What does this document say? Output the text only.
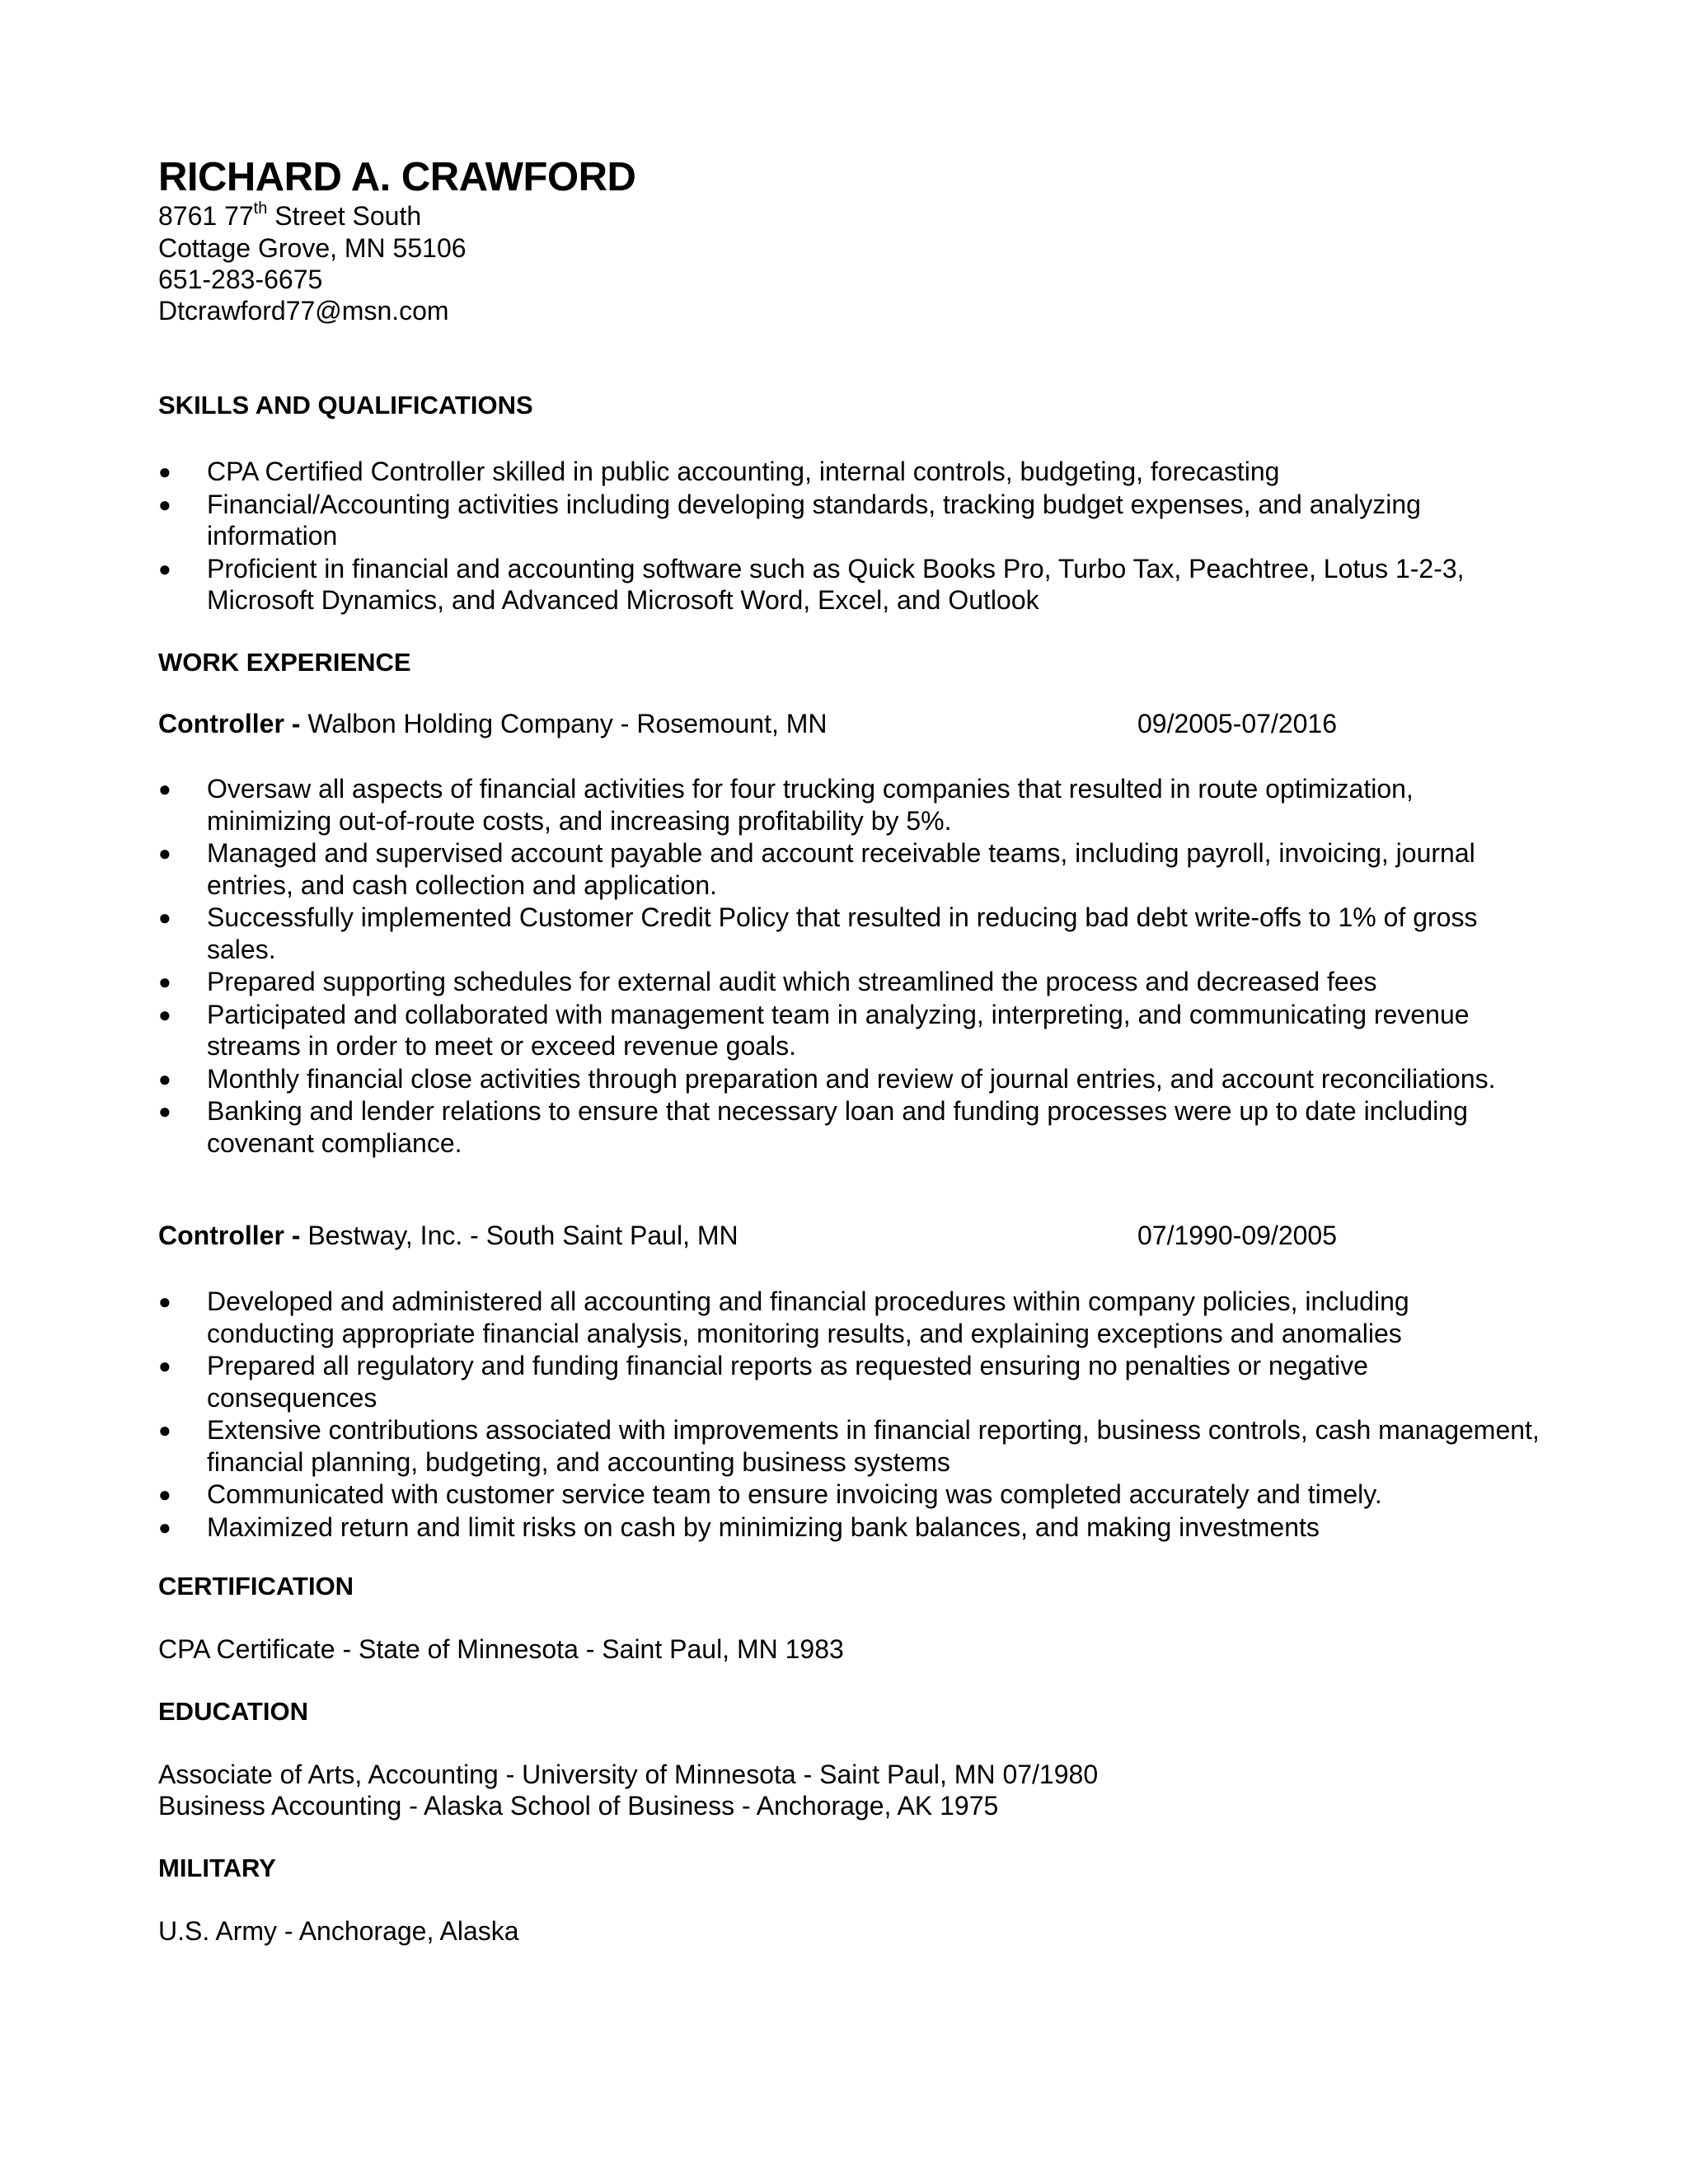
RICHARD A. CRAWFORD
8761 77th Street South
Cottage Grove, MN 55106
651-283-6675
Dtcrawford77@msn.com
SKILLS AND QUALIFICATIONS
● CPA Certified Controller skilled in public accounting, internal controls, budgeting, forecasting
● Financial/Accounting activities including developing standards, tracking budget expenses, and analyzing information
● Proficient in financial and accounting software such as Quick Books Pro, Turbo Tax, Peachtree, Lotus 1-2-3, Microsoft Dynamics, and Advanced Microsoft Word, Excel, and Outlook
WORK EXPERIENCE
Controller - Walbon Holding Company - Rosemount, MN	09/2005-07/2016
● Oversaw all aspects of financial activities for four trucking companies that resulted in route optimization, minimizing out-of-route costs, and increasing profitability by 5%.
● Managed and supervised account payable and account receivable teams, including payroll, invoicing, journal entries, and cash collection and application.
● Successfully implemented Customer Credit Policy that resulted in reducing bad debt write-offs to 1% of gross sales.
● Prepared supporting schedules for external audit which streamlined the process and decreased fees
● Participated and collaborated with management team in analyzing, interpreting, and communicating revenue streams in order to meet or exceed revenue goals.
● Monthly financial close activities through preparation and review of journal entries, and account reconciliations.
● Banking and lender relations to ensure that necessary loan and funding processes were up to date including covenant compliance.
Controller - Bestway, Inc. - South Saint Paul, MN	07/1990-09/2005
● Developed and administered all accounting and financial procedures within company policies, including conducting appropriate financial analysis, monitoring results, and explaining exceptions and anomalies
● Prepared all regulatory and funding financial reports as requested ensuring no penalties or negative consequences
● Extensive contributions associated with improvements in financial reporting, business controls, cash management, financial planning, budgeting, and accounting business systems
● Communicated with customer service team to ensure invoicing was completed accurately and timely.
● Maximized return and limit risks on cash by minimizing bank balances, and making investments
CERTIFICATION
CPA Certificate - State of Minnesota - Saint Paul, MN 1983
EDUCATION
Associate of Arts, Accounting - University of Minnesota - Saint Paul, MN 07/1980
Business Accounting - Alaska School of Business - Anchorage, AK 1975
MILITARY
U.S. Army - Anchorage, Alaska
